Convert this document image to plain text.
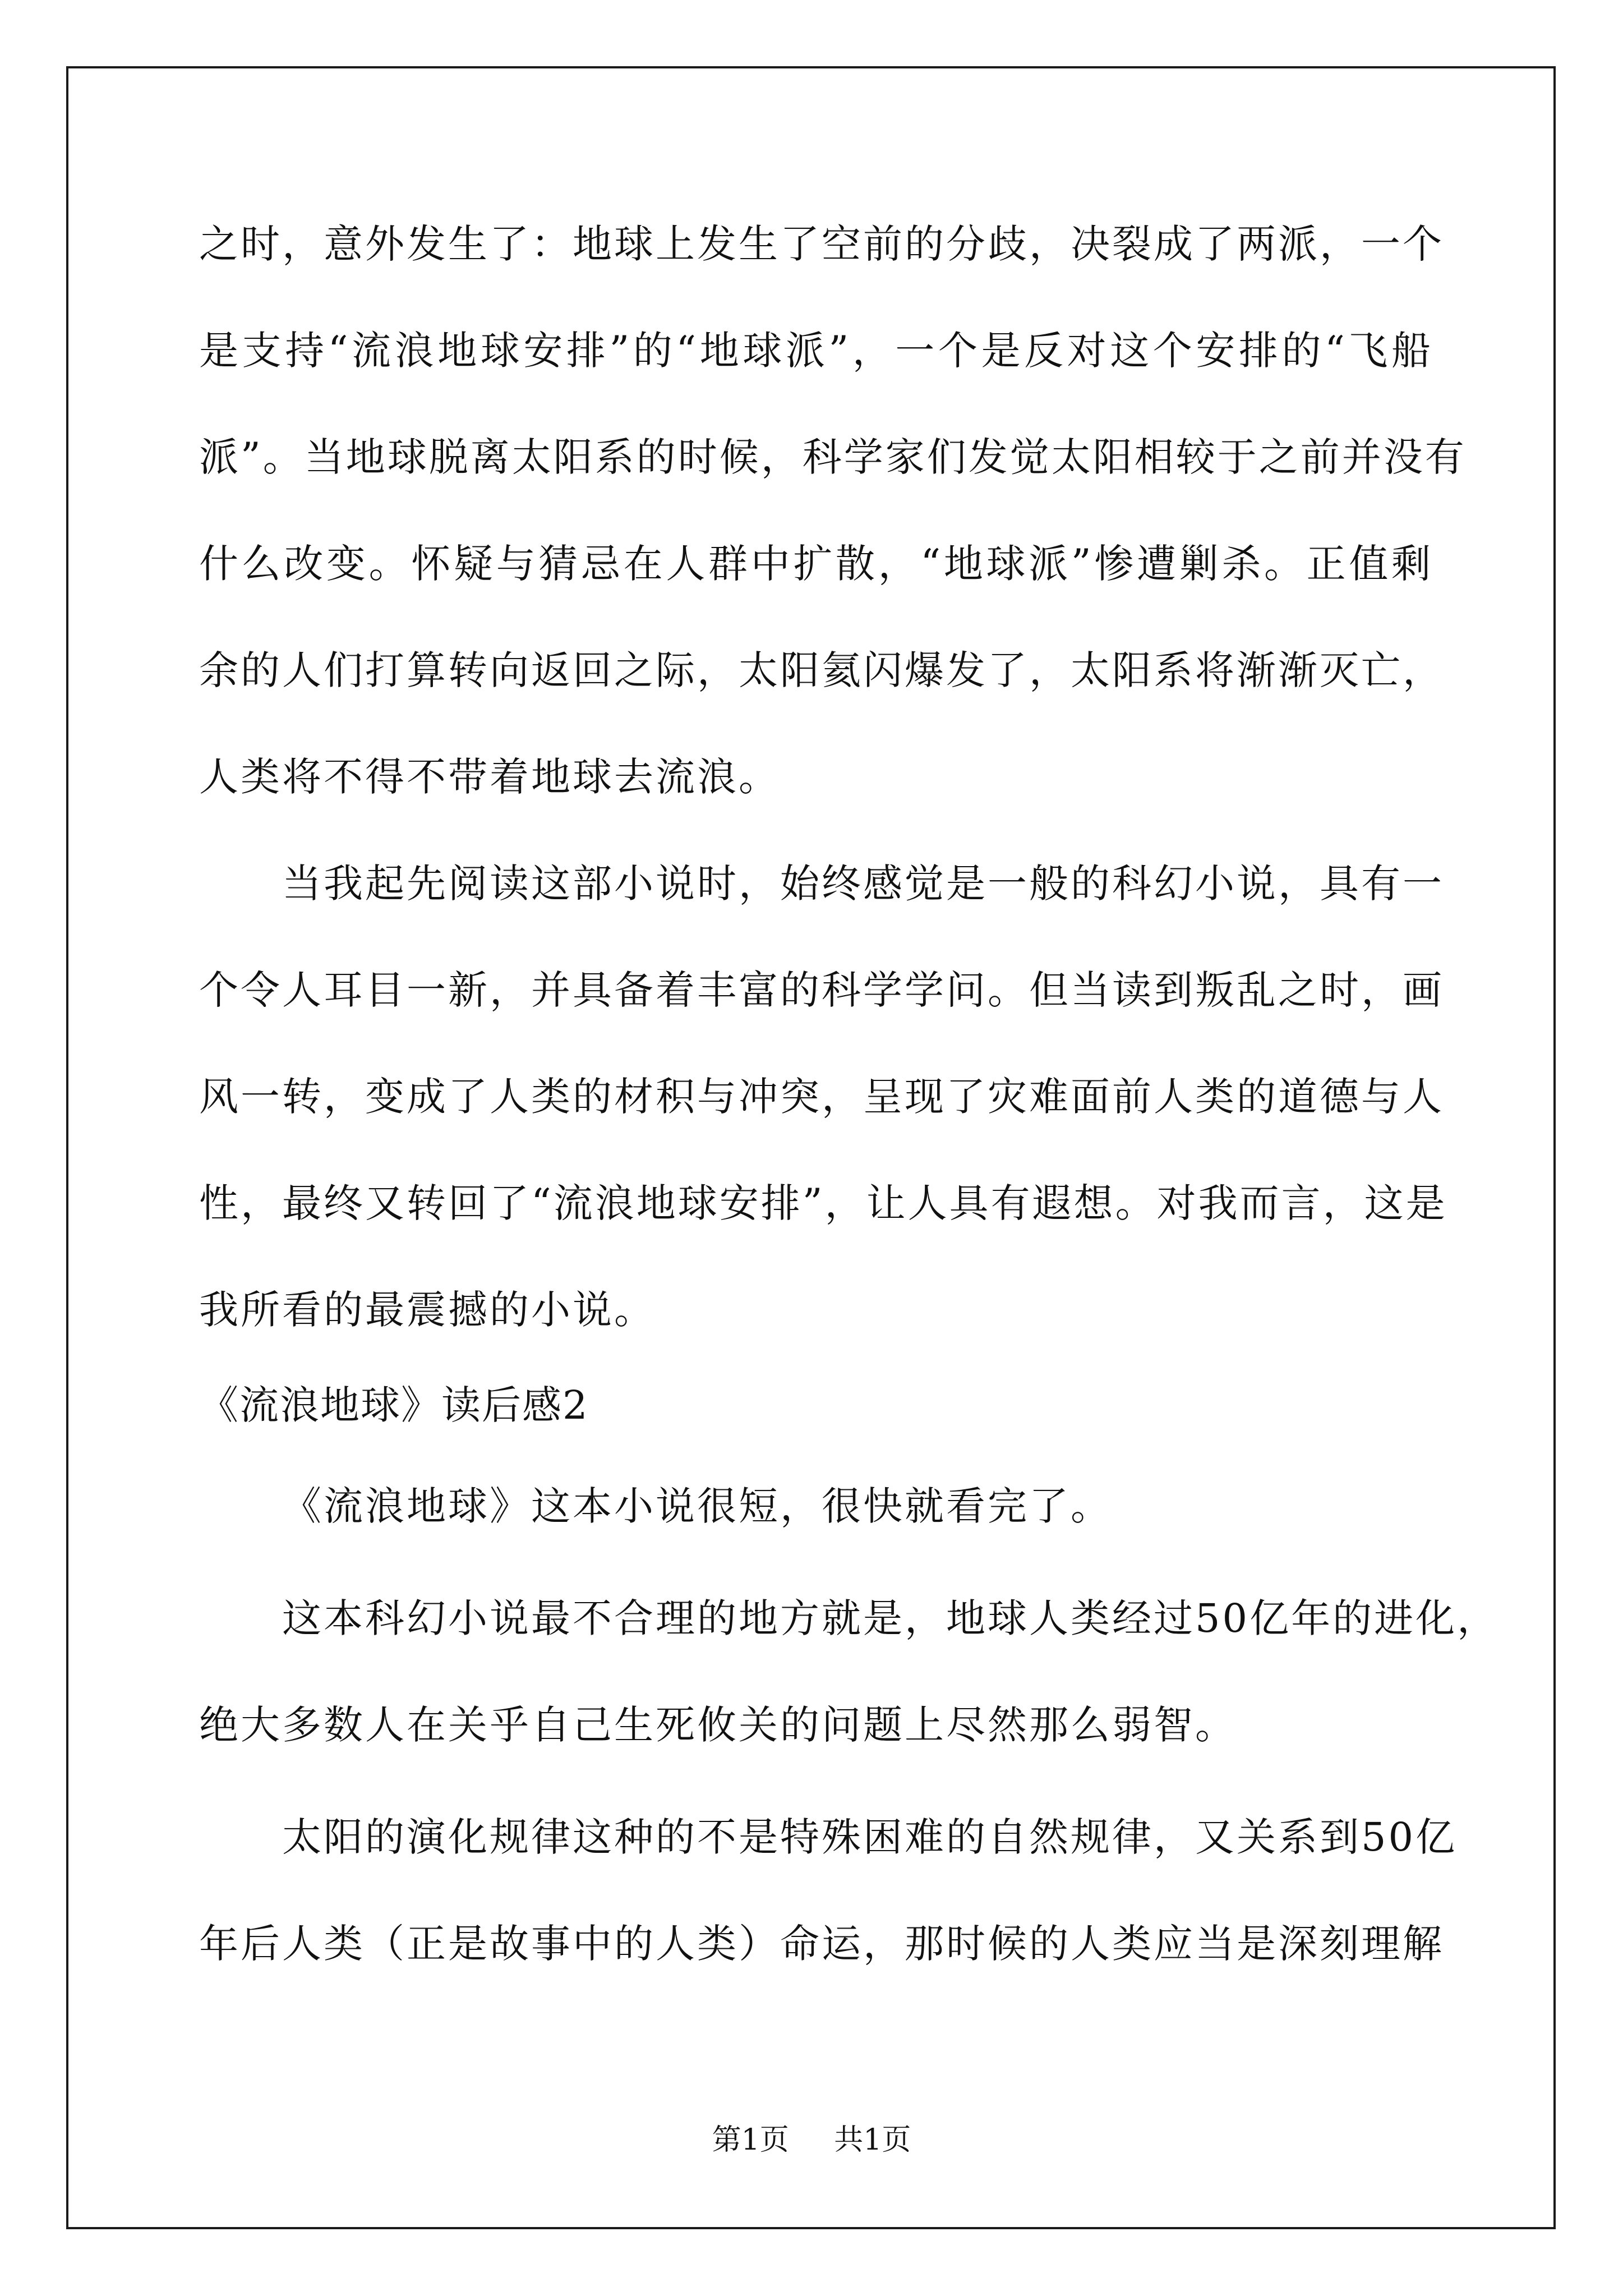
之时，意外发生了：地球上发生了空前的分歧，决裂成了两派，一个
是支持“流浪地球安排”的“地球派”，一个是反对这个安排的“飞船
派”。当地球脱离太阳系的时候，科学家们发觉太阳相较于之前并没有
什么改变。怀疑与猜忌在人群中扩散，“地球派”惨遭剿杀。正值剩
余的人们打算转向返回之际，太阳氦闪爆发了，太阳系将渐渐灭亡，
人类将不得不带着地球去流浪。
当我起先阅读这部小说时，始终感觉是一般的科幻小说，具有一
个令人耳目一新，并具备着丰富的科学学问。但当读到叛乱之时，画
风一转，变成了人类的材积与冲突，呈现了灾难面前人类的道德与人
性，最终又转回了“流浪地球安排”，让人具有遐想。对我而言，这是
我所看的最震撼的小说。
《流浪地球》读后感2
《流浪地球》这本小说很短，很快就看完了。
这本科幻小说最不合理的地方就是，地球人类经过50亿年的进化，
绝大多数人在关乎自己生死攸关的问题上尽然那么弱智。
太阳的演化规律这种的不是特殊困难的自然规律，又关系到50亿
年后人类（正是故事中的人类）命运，那时候的人类应当是深刻理解
第1页 共1页
